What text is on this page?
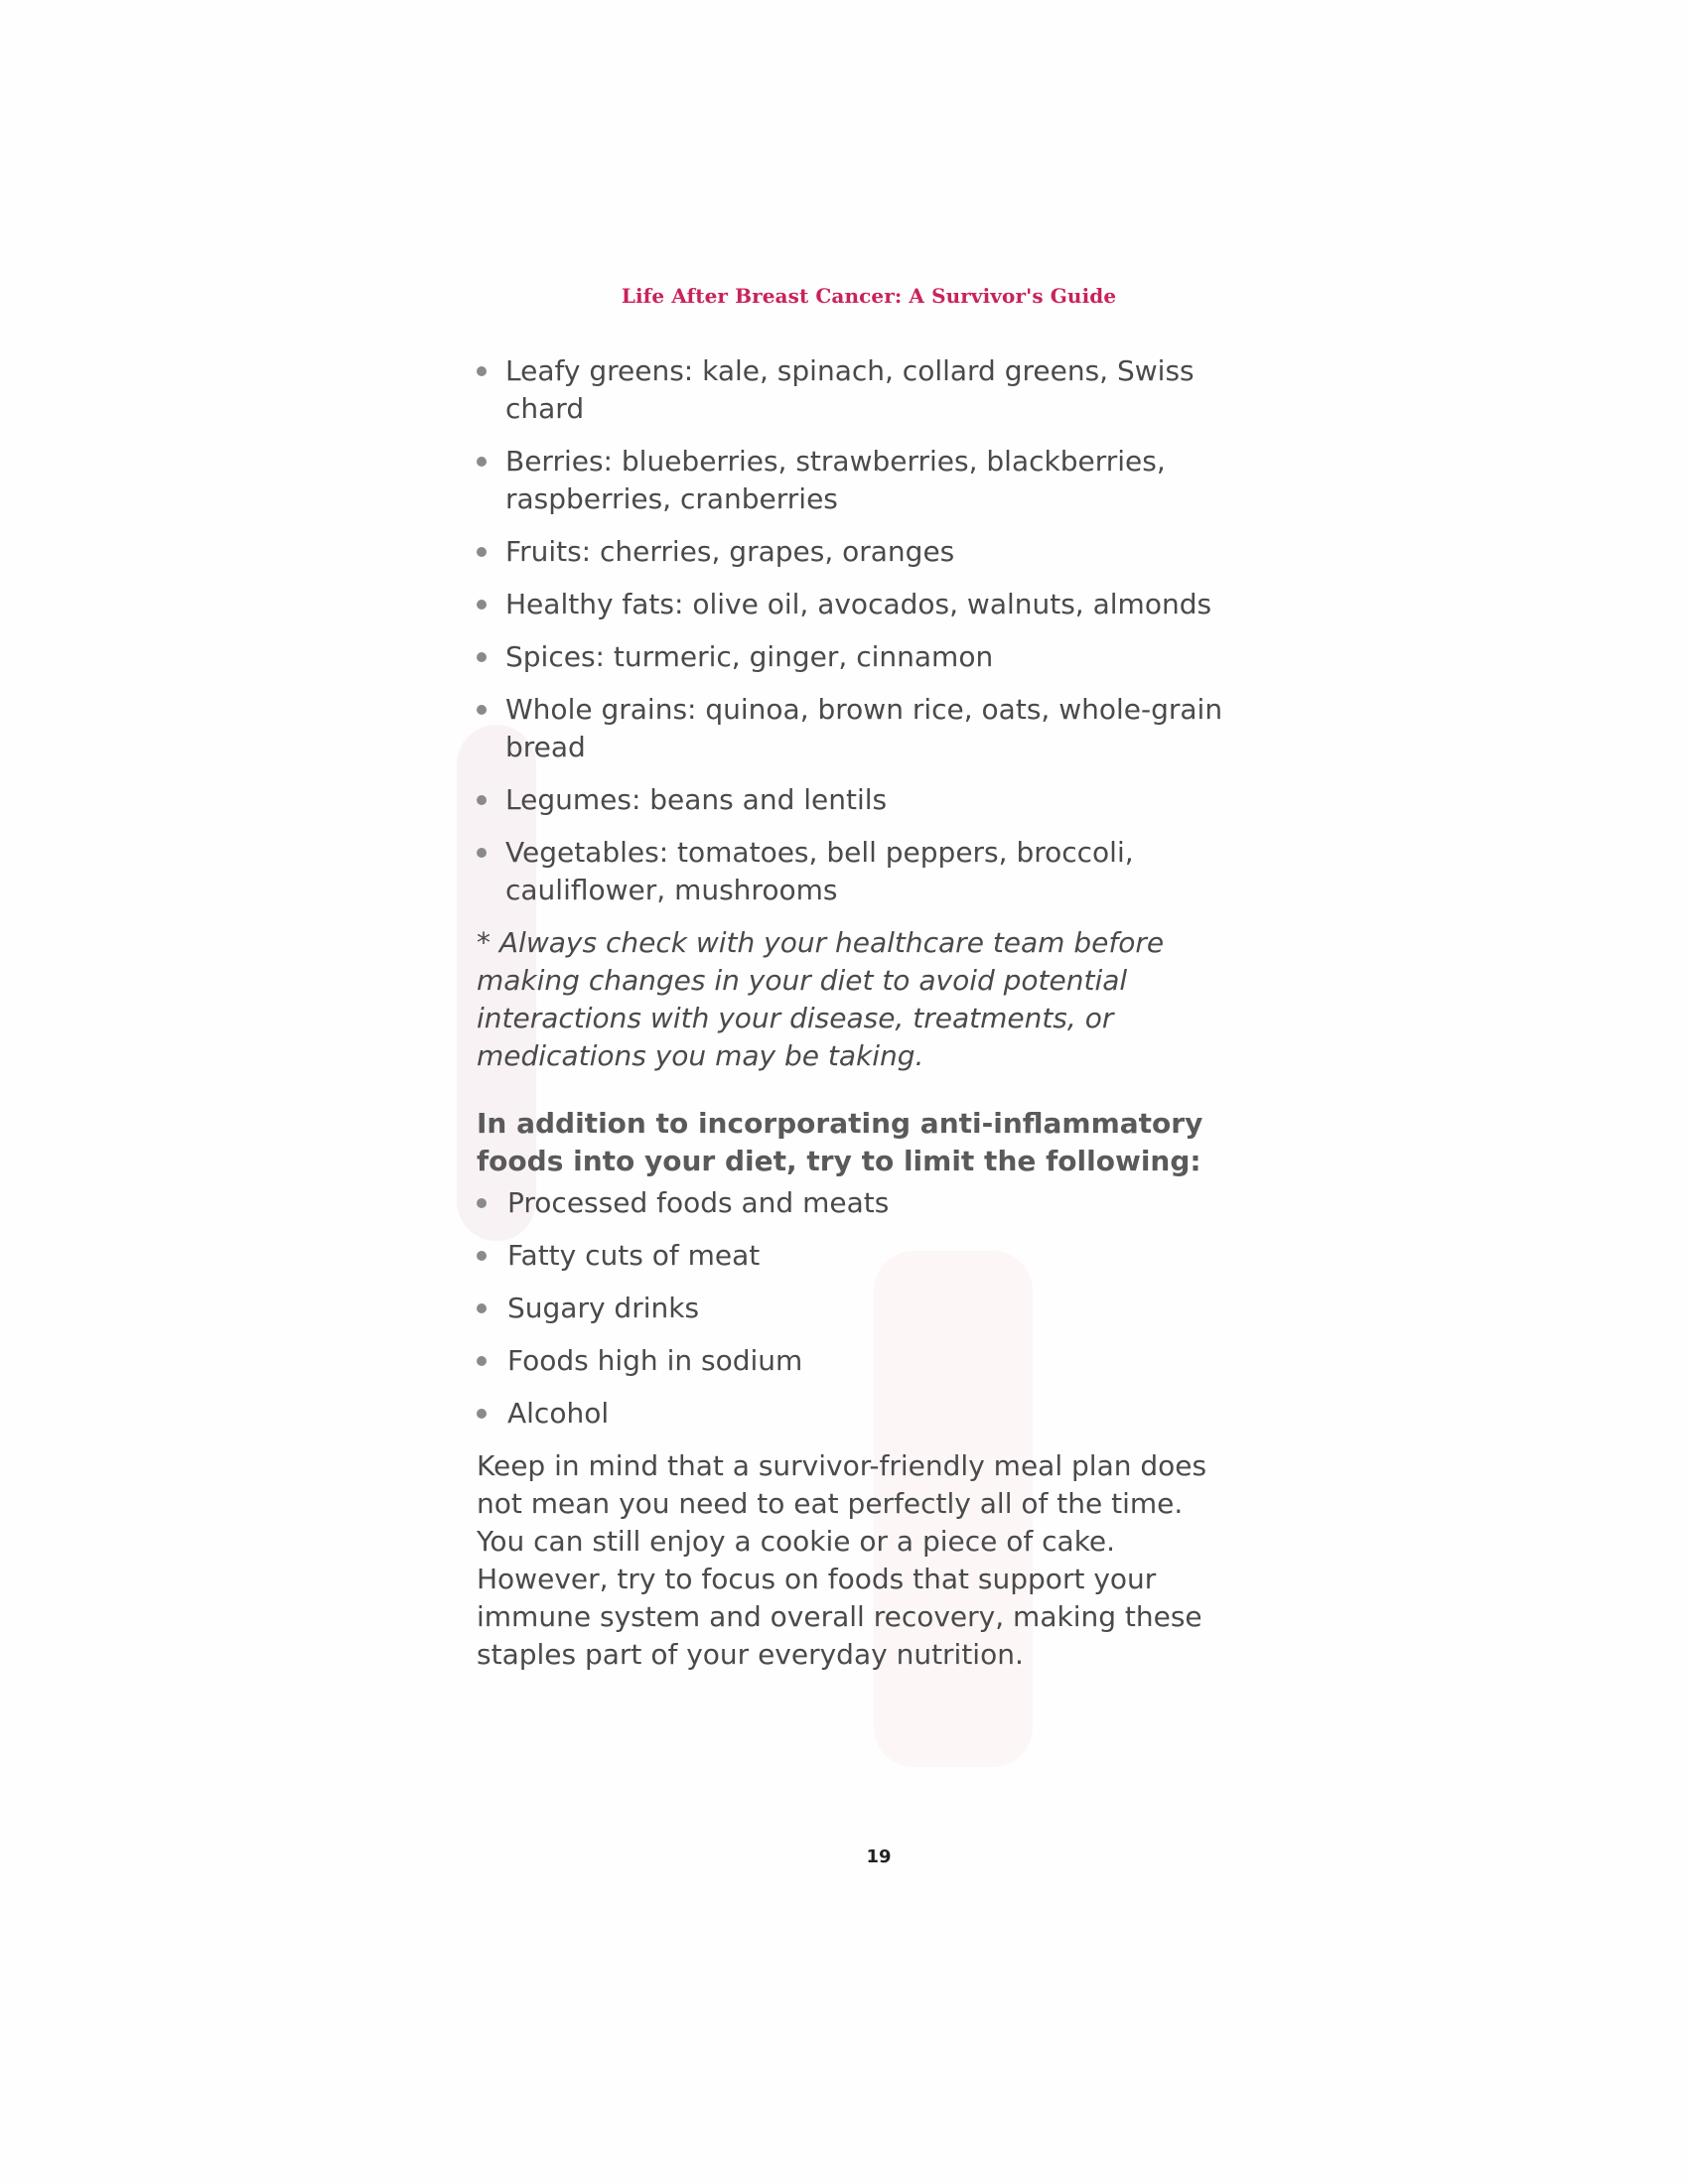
Life After Breast Cancer: A Survivor's Guide
Leafy greens: kale, spinach, collard greens, Swiss chard
Berries: blueberries, strawberries, blackberries,
raspberries, cranberries
Fruits: cherries, grapes, oranges
Healthy fats: olive oil, avocados, walnuts, almonds
Spices: turmeric, ginger, cinnamon
Whole grains: quinoa, brown rice, oats, whole-grain
bread
Legumes: beans and lentils
Vegetables: tomatoes, bell peppers, broccoli,
cauliflower, mushrooms

* Always check with your healthcare team before making changes in your diet to avoid potential interactions with your disease, treatments, or medications you may be taking.

In addition to incorporating anti-inflammatory foods into your diet, try to limit the following:

Processed foods and meats
Fatty cuts of meat
Sugary drinks
Foods high in sodium
Alcohol

Keep in mind that a survivor-friendly meal plan does not mean you need to eat perfectly all of the time. You can still enjoy a cookie or a piece of cake. However, try to focus on foods that support your immune system and overall recovery, making these staples part of your everyday nutrition.

19
